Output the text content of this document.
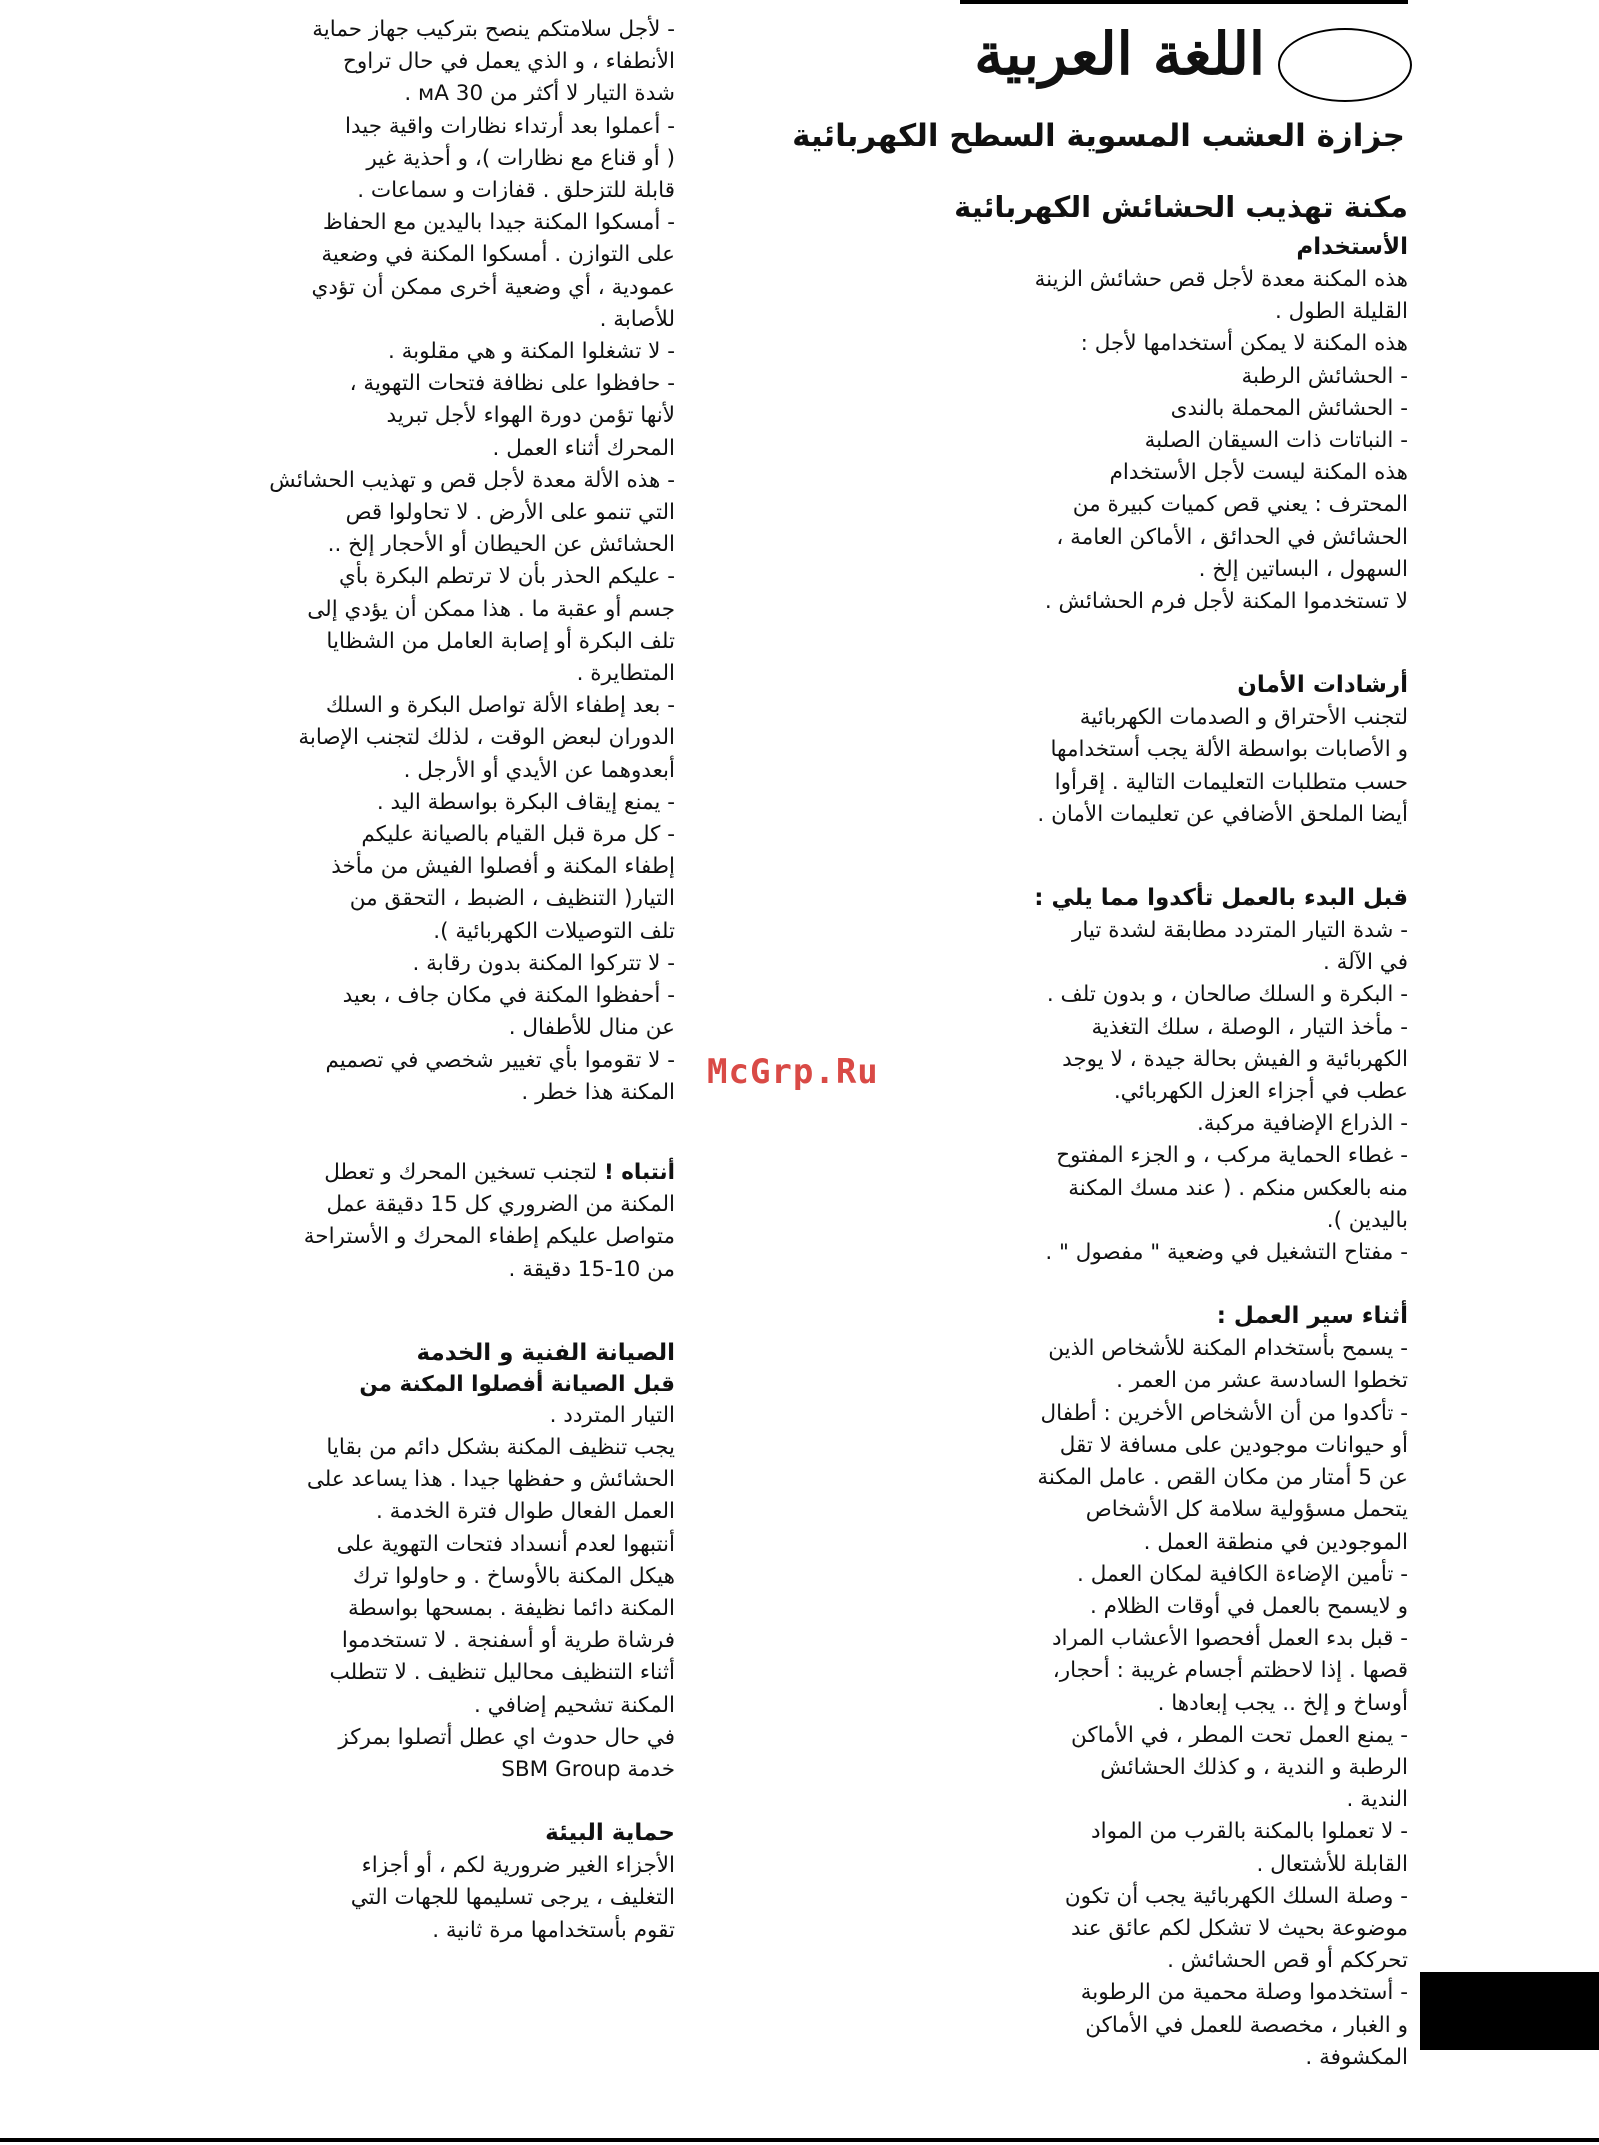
اللغة العربية
جزازة العشب المسوية السطح الكهربائية
مكنة تهذيب الحشائش الكهربائية
McGrp.Ru

الأستخدام

هذه المكنة معدة لأجل قص حشائش الزينة

القليلة الطول .

هذه المكنة لا يمكن أستخدامها لأجل :

- الحشائش الرطبة

- الحشائش المحملة بالندى

- النباتات ذات السيقان الصلبة

هذه المكنة ليست لأجل الأستخدام

المحترف : يعني قص كميات كبيرة من

الحشائش في الحدائق ، الأماكن العامة ،

السهول ، البساتين إلخ .

لا تستخدموا المكنة لأجل فرم الحشائش .

أرشادات الأمان

لتجنب الأحتراق و الصدمات الكهربائية

و الأصابات بواسطة الألة يجب أستخدامها

حسب متطلبات التعليمات التالية . إقرأوا

أيضا الملحق الأضافي عن تعليمات الأمان .

قبل البدء بالعمل تأكدوا مما يلي :

- شدة التيار المتردد مطابقة لشدة تيار

في الآلة .

- البكرة و السلك صالحان ، و بدون تلف .

- مأخذ التيار ، الوصلة ، سلك التغذية

الكهربائية و الفيش بحالة جيدة ، لا يوجد

عطب في أجزاء العزل الكهربائي.

- الذراع الإضافية مركبة.

- غطاء الحماية مركب ، و الجزء المفتوح

منه بالعكس منكم . ( عند مسك المكنة

باليدين ).

- مفتاح التشغيل في وضعية " مفصول " .

أثناء سير العمل :

- يسمح بأستخدام المكنة للأشخاص الذين

تخطوا السادسة عشر من العمر .

- تأكدوا من أن الأشخاص الأخرين : أطفال

أو حيوانات موجودين على مسافة لا تقل

عن 5 أمتار من مكان القص . عامل المكنة

يتحمل مسؤولية سلامة كل الأشخاص

الموجودين في منطقة العمل .

- تأمين الإضاءة الكافية لمكان العمل .

و لايسمح بالعمل في أوقات الظلام .

- قبل بدء العمل أفحصوا الأعشاب المراد

قصها . إذا لاحظتم أجسام غريبة : أحجار،

أوساخ و إلخ .. يجب إبعادها .

- يمنع العمل تحت المطر ، في الأماكن

الرطبة و الندية ، و كذلك الحشائش

الندية .

- لا تعملوا بالمكنة بالقرب من المواد

القابلة للأشتعال .

- وصلة السلك الكهربائية يجب أن تكون

موضوعة بحيث لا تشكل لكم عائق عند

تحرككم أو قص الحشائش .

- أستخدموا وصلة محمية من الرطوبة

و الغبار ، مخصصة للعمل في الأماكن

المكشوفة .

- لأجل سلامتكم ينصح بتركيب جهاز حماية

الأنطفاء ، و الذي يعمل في حال تراوح

شدة التيار لا أكثر من 30 мА .

- أعملوا بعد أرتداء نظارات واقية جيدا

( أو قناع مع نظارات )، و أحذية غير

قابلة للتزحلق . قفازات و سماعات .

- أمسكوا المكنة جيدا باليدين مع الحفاظ

على التوازن . أمسكوا المكنة في وضعية

عمودية ، أي وضعية أخرى ممكن أن تؤدي

للأصابة .

- لا تشغلوا المكنة و هي مقلوبة .

- حافظوا على نظافة فتحات التهوية ،

لأنها تؤمن دورة الهواء لأجل تبريد

المحرك أثناء العمل .

- هذه الألة معدة لأجل قص و تهذيب الحشائش

التي تنمو على الأرض . لا تحاولوا قص

الحشائش عن الحيطان أو الأحجار إلخ ..

- عليكم الحذر بأن لا ترتطم البكرة بأي

جسم أو عقبة ما . هذا ممكن أن يؤدي إلى

تلف البكرة أو إصابة العامل من الشظايا

المتطايرة .

- بعد إطفاء الألة تواصل البكرة و السلك

الدوران لبعض الوقت ، لذلك لتجنب الإصابة

أبعدوهما عن الأيدي أو الأرجل .

- يمنع إيقاف البكرة بواسطة اليد .

- كل مرة قبل القيام بالصيانة عليكم

إطفاء المكنة و أفصلوا الفيش من مأخذ

التيار( التنظيف ، الضبط ، التحقق من

تلف التوصيلات الكهربائية ).

- لا تتركوا المكنة بدون رقابة .

- أحفظوا المكنة في مكان جاف ، بعيد

عن منال للأطفال .

- لا تقوموا بأي تغيير شخصي في تصميم

المكنة هذا خطر .

أنتباه ! لتجنب تسخين المحرك و تعطل

المكنة من الضروري كل 15 دقيقة عمل

متواصل عليكم إطفاء المحرك و الأستراحة

من 10-15 دقيقة .

الصيانة الفنية و الخدمة

قبل الصيانة أفصلوا المكنة من

التيار المتردد .

يجب تنظيف المكنة بشكل دائم من بقايا

الحشائش و حفظها جيدا . هذا يساعد على

العمل الفعال طوال فترة الخدمة .

أنتبهوا لعدم أنسداد فتحات التهوية على

هيكل المكنة بالأوساخ . و حاولوا ترك

المكنة دائما نظيفة . بمسحها بواسطة

فرشاة طرية أو أسفنجة . لا تستخدموا

أثناء التنظيف محاليل تنظيف . لا تتطلب

المكنة تشحيم إضافي .

في حال حدوث اي عطل أتصلوا بمركز

خدمة SBM Group

حماية البيئة

الأجزاء الغير ضرورية لكم ، أو أجزاء

التغليف ، يرجى تسليمها للجهات التي

تقوم بأستخدامها مرة ثانية .
